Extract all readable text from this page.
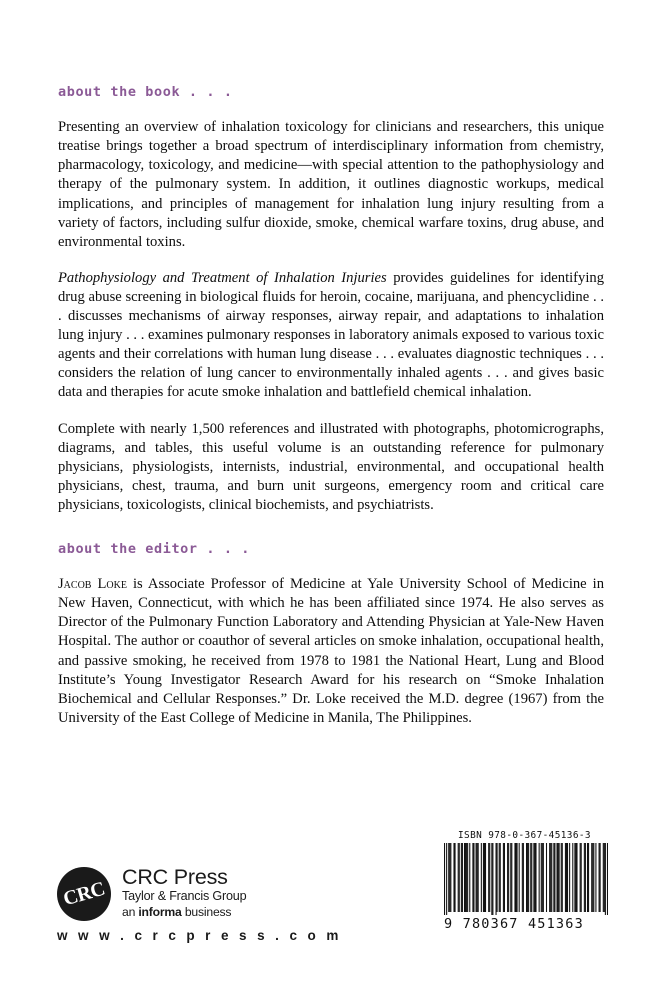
about the book . . .

Presenting an overview of inhalation toxicology for clinicians and researchers, this unique treatise brings together a broad spectrum of interdisciplinary information from chemistry, pharmacology, toxicology, and medicine—with special attention to the pathophysiology and therapy of the pulmonary system. In addition, it outlines diagnostic workups, medical implications, and principles of management for inhalation lung injury resulting from a variety of factors, including sulfur dioxide, smoke, chemical warfare toxins, drug abuse, and environmental toxins.

Pathophysiology and Treatment of Inhalation Injuries provides guidelines for identifying drug abuse screening in biological fluids for heroin, cocaine, marijuana, and phencyclidine . . . discusses mechanisms of airway responses, airway repair, and adaptations to inhalation lung injury . . . examines pulmonary responses in laboratory animals exposed to various toxic agents and their correlations with human lung disease . . . evaluates diagnostic techniques . . . considers the relation of lung cancer to environmentally inhaled agents . . . and gives basic data and therapies for acute smoke inhalation and battlefield chemical inhalation.

Complete with nearly 1,500 references and illustrated with photographs, photomicrographs, diagrams, and tables, this useful volume is an outstanding reference for pulmonary physicians, physiologists, internists, industrial, environmental, and occupational health physicians, chest, trauma, and burn unit surgeons, emergency room and critical care physicians, toxicologists, clinical biochemists, and psychiatrists.

about the editor . . .

Jacob Loke is Associate Professor of Medicine at Yale University School of Medicine in New Haven, Connecticut, with which he has been affiliated since 1974. He also serves as Director of the Pulmonary Function Laboratory and Attending Physician at Yale-New Haven Hospital. The author or coauthor of several articles on smoke inhalation, occupational health, and passive smoking, he received from 1978 to 1981 the National Heart, Lung and Blood Institute’s Young Investigator Research Award for his research on “Smoke Inhalation Biochemical and Cellular Responses.” Dr. Loke received the M.D. degree (1967) from the University of the East College of Medicine in Manila, The Philippines.

CRC
CRC Press
Taylor & Francis Group
an informa business
w w w . c r c p r e s s . c o m
ISBN 978-0-367-45136-3
9 780367 451363
